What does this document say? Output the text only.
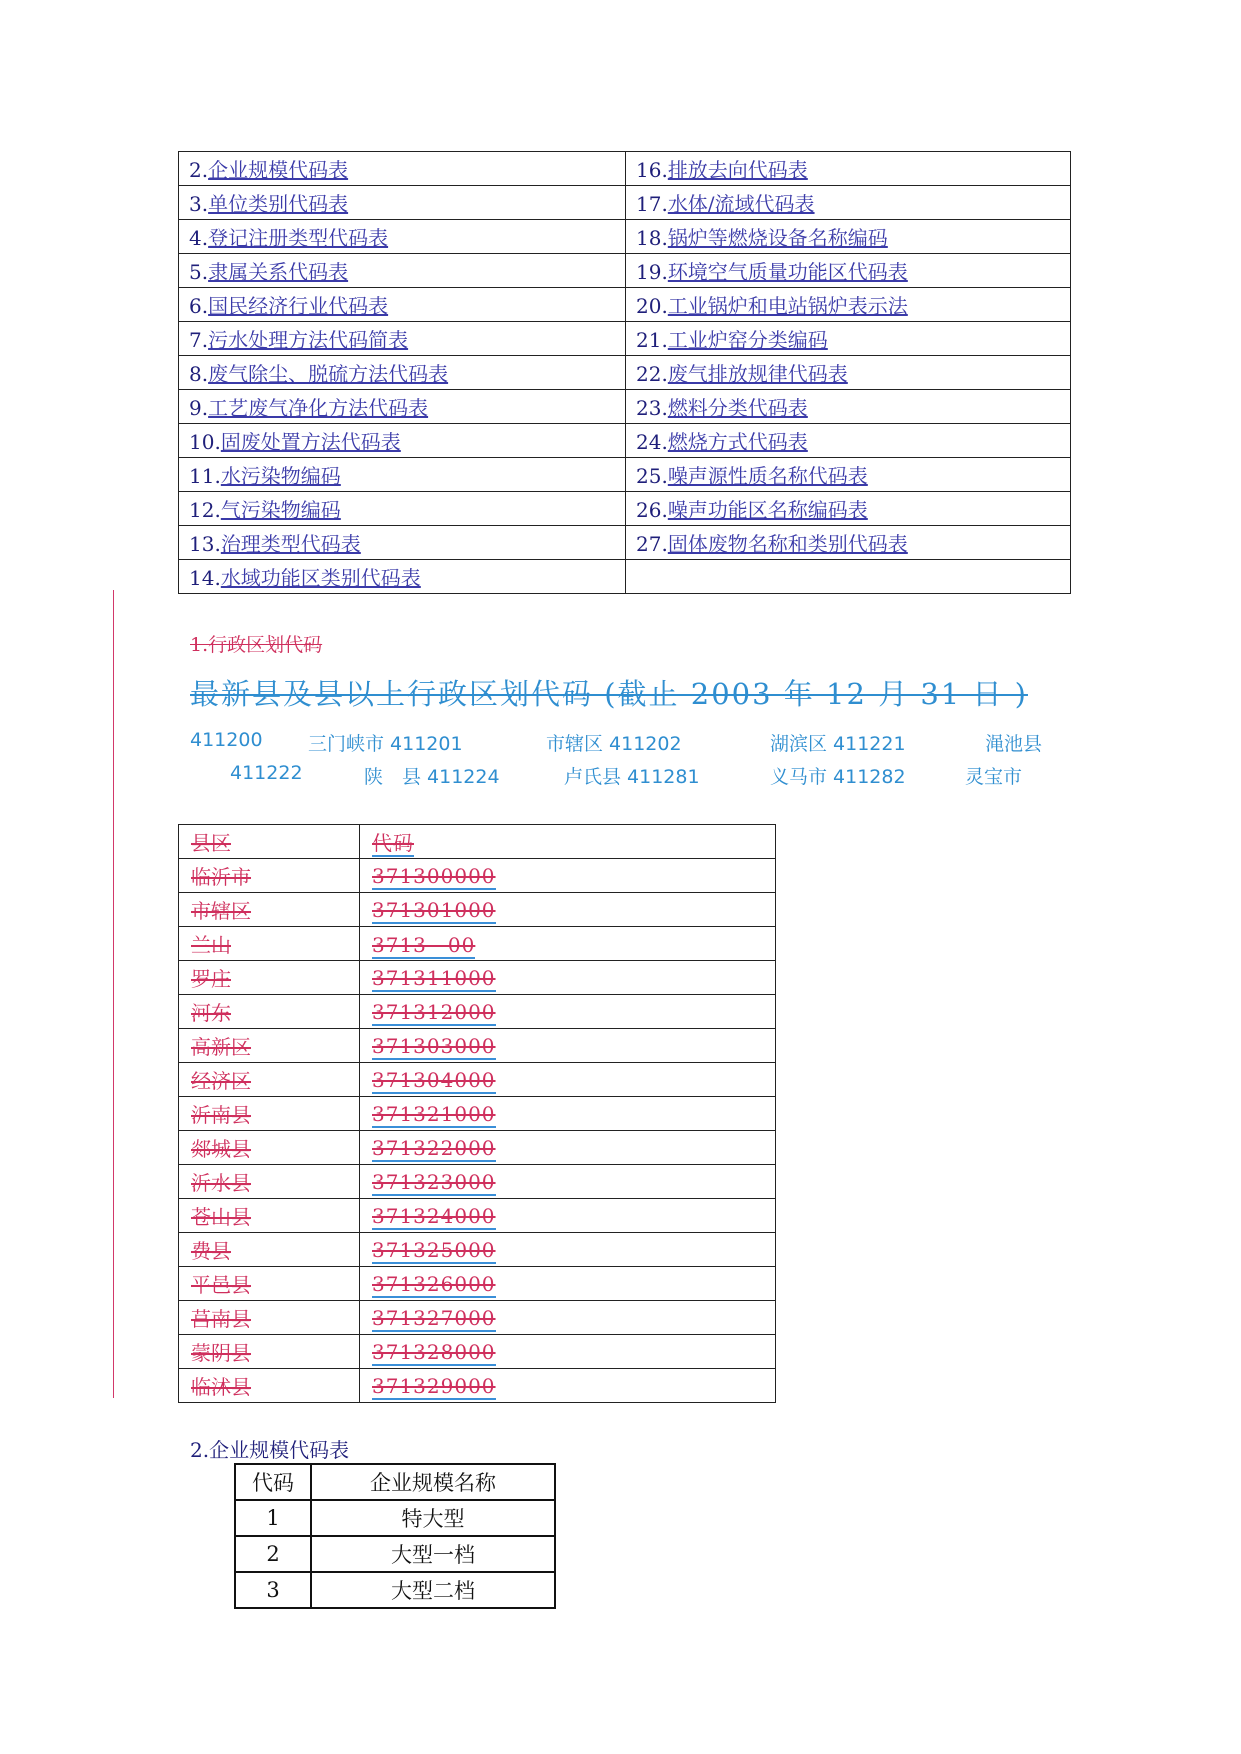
2.企业规模代码表	16.排放去向代码表
3.单位类别代码表	17.水体/流域代码表
4.登记注册类型代码表	18.锅炉等燃烧设备名称编码
5.隶属关系代码表	19.环境空气质量功能区代码表
6.国民经济行业代码表	20.工业锅炉和电站锅炉表示法
7.污水处理方法代码简表	21.工业炉窑分类编码
8.废气除尘、脱硫方法代码表	22.废气排放规律代码表
9.工艺废气净化方法代码表	23.燃料分类代码表
10.固废处置方法代码表	24.燃烧方式代码表
11.水污染物编码	25.噪声源性质名称代码表
12.气污染物编码	26.噪声功能区名称编码表
13.治理类型代码表	27.固体废物名称和类别代码表
14.水域功能区类别代码表	
1.行政区划代码
最新县及县以上行政区划代码 (截止 2003 年 12 月 31 日 )
411200 三门峡市 411201	市辖区 411202	湖滨区 411221	渑池县
411222	陕　县 411224	卢氏县 411281	义马市 411282	灵宝市
县区	代码
临沂市	371300000
市辖区	371301000
兰山	3713　00
罗庄	371311000
河东	371312000
高新区	371303000
经济区	371304000
沂南县	371321000
郯城县	371322000
沂水县	371323000
苍山县	371324000
费县	371325000
平邑县	371326000
莒南县	371327000
蒙阴县	371328000
临沭县	371329000
2.企业规模代码表
代码	企业规模名称
1	特大型
2	大型一档
3	大型二档
